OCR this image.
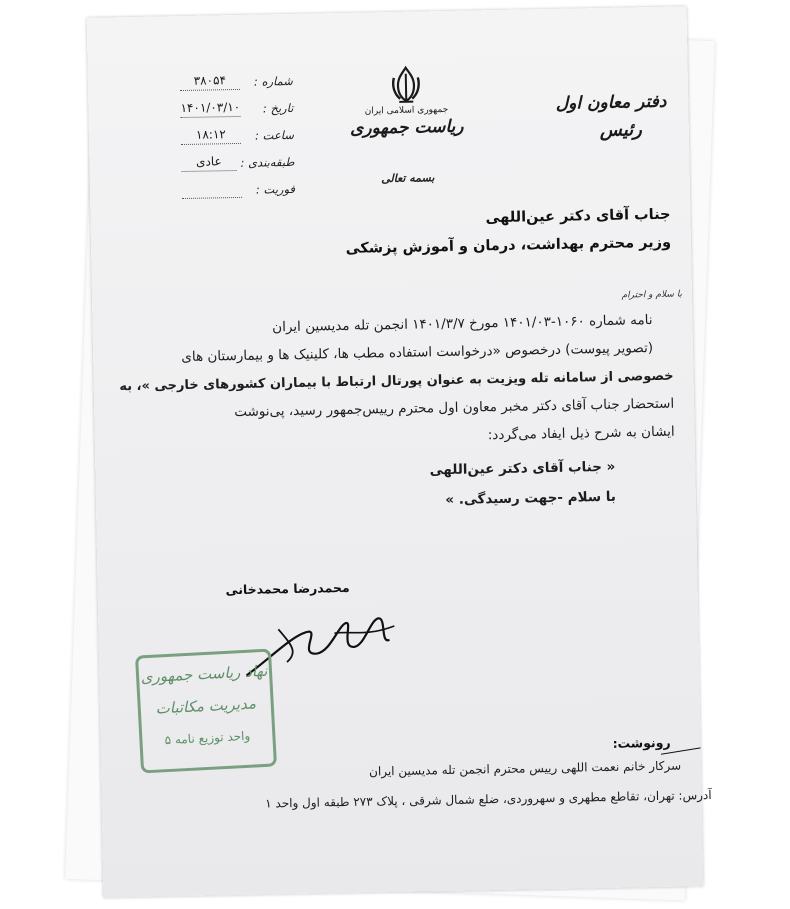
جمهوری اسلامی ایران
ریاست جمهوری
بسمه تعالی
دفتر معاون اول
رئیس
شماره :
۳۸۰۵۴
تاریخ :
۱۴۰۱/۰۳/۱۰
ساعت :
۱۸:۱۲
طبقه‌بندی :
عادی
فوریت :
جناب آقای دکتر عین‌اللهی
وزیر محترم بهداشت، درمان و آموزش پزشکی
با سلام و احترام
نامه شماره ۱۰۶۰-۱۴۰۱/۰۳ مورخ ۱۴۰۱/۳/۷ انجمن تله مدیسین ایران
(تصویر پیوست) درخصوص «درخواست استفاده مطب ها، کلینیک ها و بیمارستان های
خصوصی از سامانه تله ویزیت به عنوان پورتال ارتباط با بیماران کشورهای خارجی »، به
استحضار جناب آقای دکتر مخبر معاون اول محترم رییس‌جمهور رسید، پی‌نوشت
ایشان به شرح ذیل ایفاد می‌گردد:
« جناب آقای دکتر عین‌اللهی
با سلام -جهت رسیدگی. »
محمدرضا محمدخانی
رونوشت:
سرکار خانم نعمت اللهی رییس محترم انجمن تله مدیسین ایران
آدرس: تهران، تقاطع مطهری و سهروردی، ضلع شمال شرقی ، پلاک ۲۷۳ طبقه اول واحد ۱
نهاد ریاست جمهوری
مدیریت مکاتبات
واحد توزیع نامه ۵
